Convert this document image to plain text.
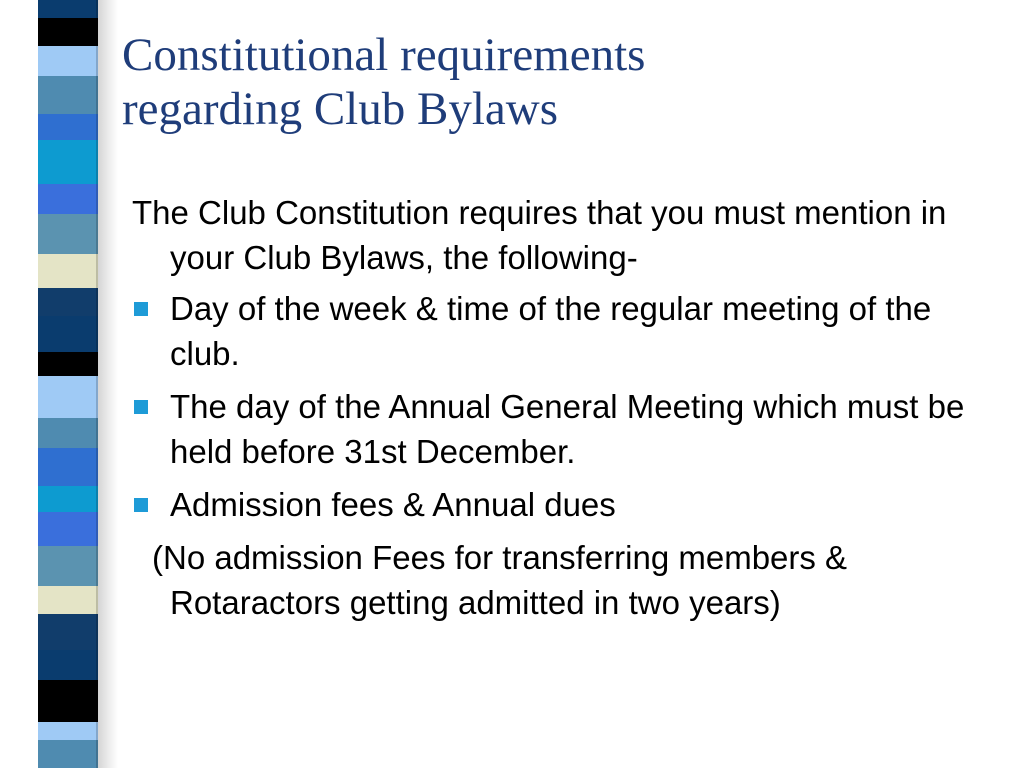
Constitutional requirements
regarding Club Bylaws

The Club Constitution requires that you must mention in your Club Bylaws, the following-

Day of the week & time of the regular meeting of the club.
The day of the Annual General Meeting which must be held before 31st December.
Admission fees & Annual dues

(No admission Fees for transferring members & Rotaractors getting admitted in two years)
